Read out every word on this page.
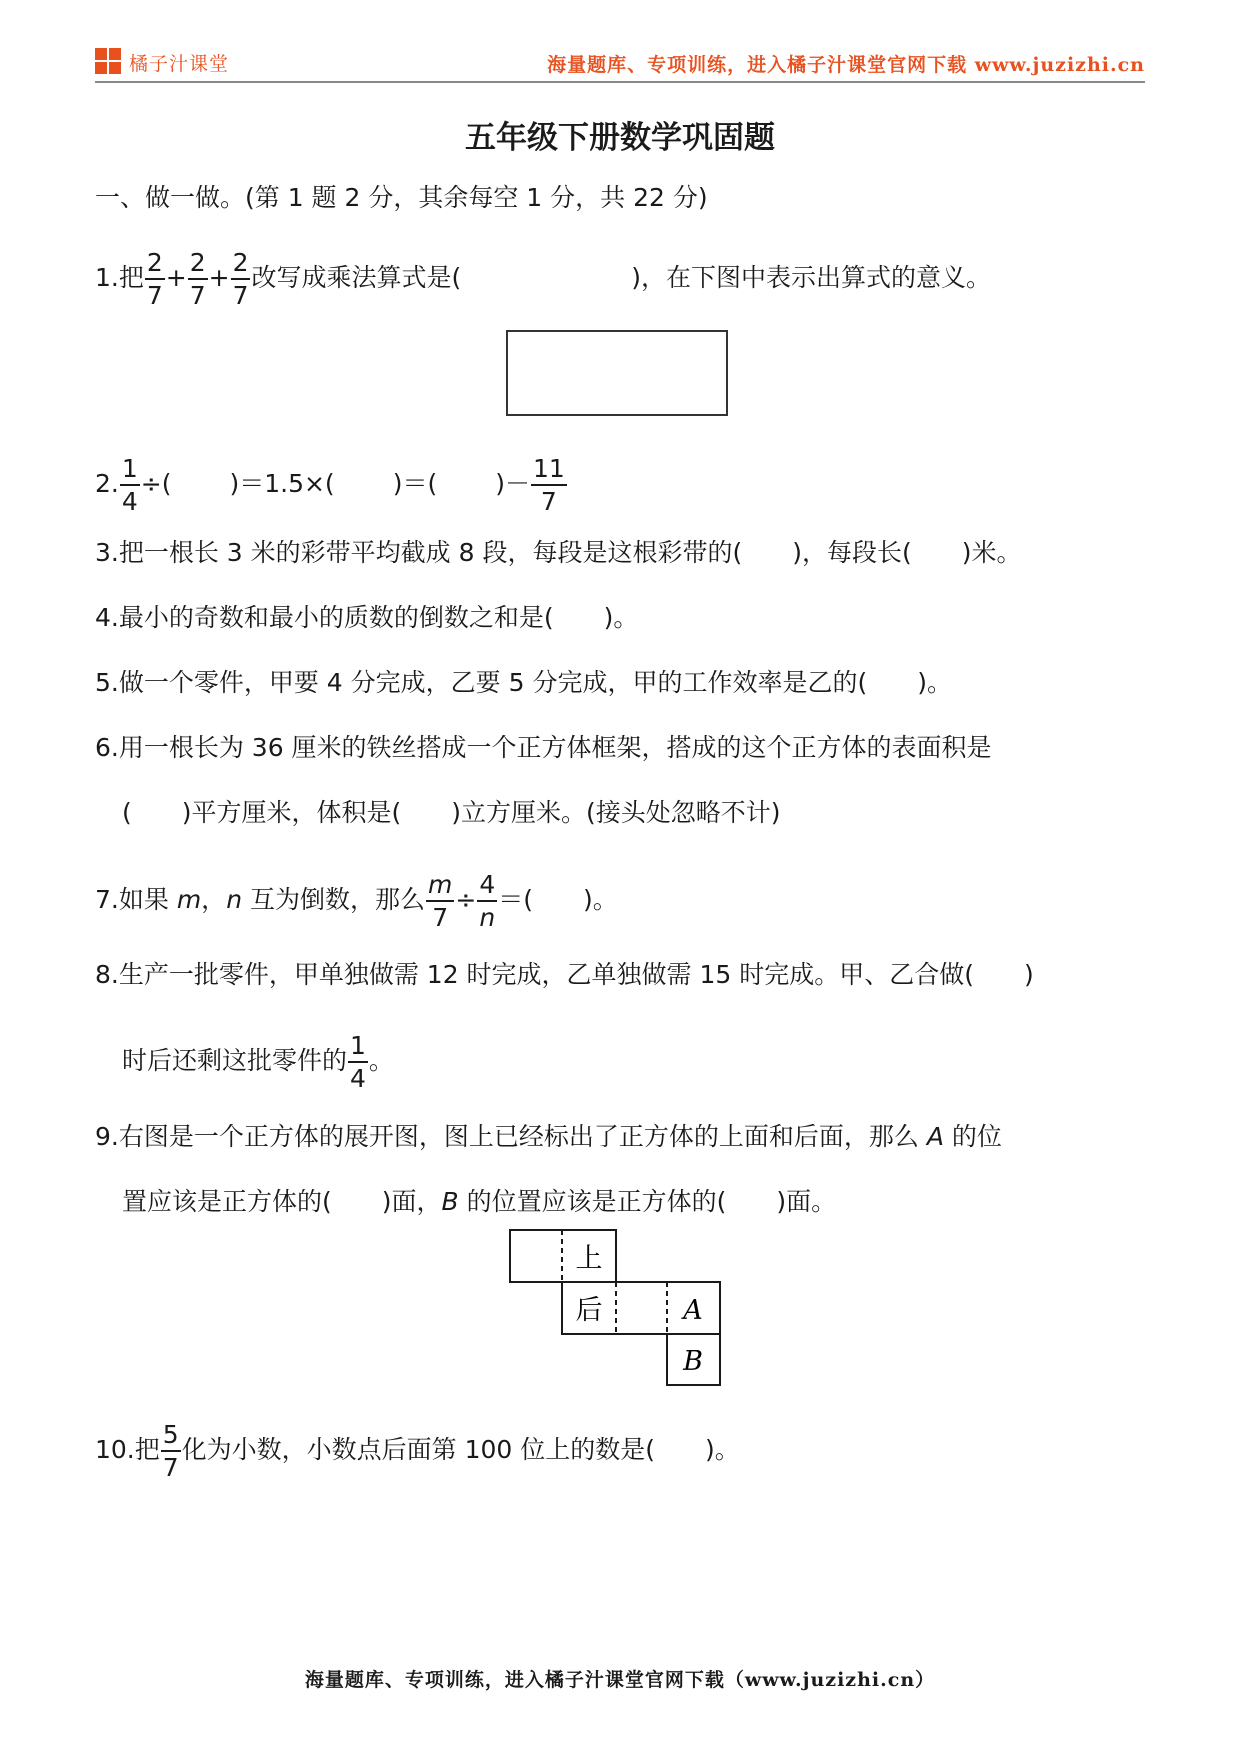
橘子汁课堂	海量题库、专项训练，进入橘子汁课堂官网下载 www.juzizhi.cn
五年级下册数学巩固题
一、做一做。(第 1 题 2 分，其余每空 1 分，共 22 分)
1.把 $\frac{2}{7} + \frac{2}{7} + \frac{2}{7}$ 改写成乘法算式是(	)，在下图中表示出算式的意义。
2. $\frac{1}{4}$ ÷( )＝1.5×( )＝( )－ $\frac{11}{7}$
3.把一根长 3 米的彩带平均截成 8 段，每段是这根彩带的(　　)，每段长(　　)米。
4.最小的奇数和最小的质数的倒数之和是(　　)。
5.做一个零件，甲要 4 分完成，乙要 5 分完成，甲的工作效率是乙的(　　)。
6.用一根长为 36 厘米的铁丝搭成一个正方体框架，搭成的这个正方体的表面积是
(　　)平方厘米，体积是(　　)立方厘米。(接头处忽略不计)
7.如果 m，n 互为倒数，那么 $\frac{m}{7} \div \frac{4}{n}$ ＝(　　)。
8.生产一批零件，甲单独做需 12 时完成，乙单独做需 15 时完成。甲、乙合做(　　)
时后还剩这批零件的 $\frac{1}{4}$ 。
9.右图是一个正方体的展开图，图上已经标出了正方体的上面和后面，那么 A 的位
置应该是正方体的(　　)面，B 的位置应该是正方体的(　　)面。
上
后	A
B
10.把 $\frac{5}{7}$ 化为小数，小数点后面第 100 位上的数是(　　)。
海量题库、专项训练，进入橘子汁课堂官网下载（www.juzizhi.cn）
